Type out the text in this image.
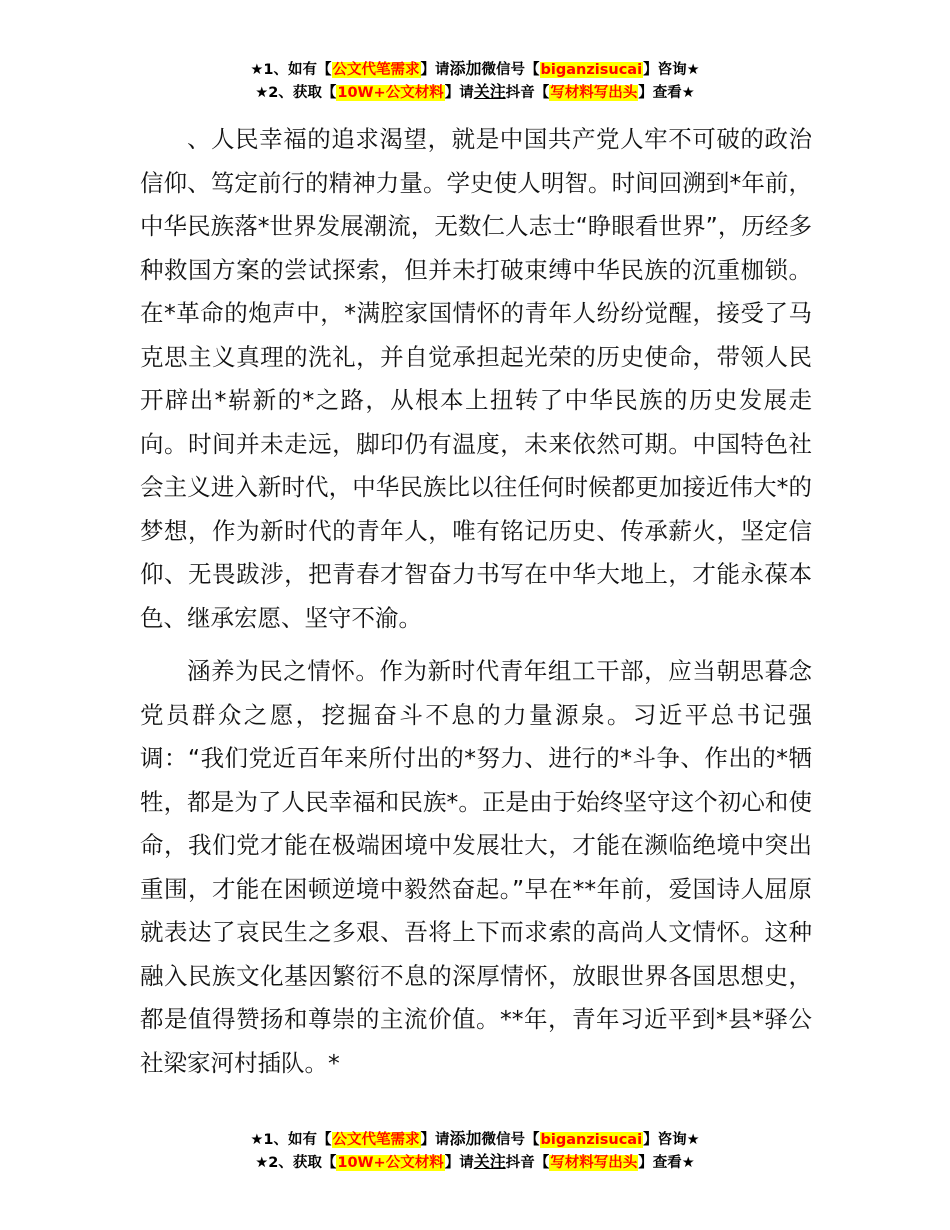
★1、如有【公文代笔需求】请添加微信号【biganzisucai】咨询★
★2、获取【10W+公文材料】请关注抖音【写材料写出头】查看★

、人民幸福的追求渴望，就是中国共产党人牢不可破的政治信仰、笃定前行的精神力量。学史使人明智。时间回溯到*年前，中华民族落*世界发展潮流，无数仁人志士“睁眼看世界”，历经多种救国方案的尝试探索，但并未打破束缚中华民族的沉重枷锁。在*革命的炮声中，*满腔家国情怀的青年人纷纷觉醒，接受了马克思主义真理的洗礼，并自觉承担起光荣的历史使命，带领人民开辟出*崭新的*之路，从根本上扭转了中华民族的历史发展走向。时间并未走远，脚印仍有温度，未来依然可期。中国特色社会主义进入新时代，中华民族比以往任何时候都更加接近伟大*的梦想，作为新时代的青年人，唯有铭记历史、传承薪火，坚定信仰、无畏跋涉，把青春才智奋力书写在中华大地上，才能永葆本色、继承宏愿、坚守不渝。

涵养为民之情怀。作为新时代青年组工干部，应当朝思暮念党员群众之愿，挖掘奋斗不息的力量源泉。习近平总书记强调：“我们党近百年来所付出的*努力、进行的*斗争、作出的*牺牲，都是为了人民幸福和民族*。正是由于始终坚守这个初心和使命，我们党才能在极端困境中发展壮大，才能在濒临绝境中突出重围，才能在困顿逆境中毅然奋起。”早在**年前，爱国诗人屈原就表达了哀民生之多艰、吾将上下而求索的高尚人文情怀。这种融入民族文化基因繁衍不息的深厚情怀，放眼世界各国思想史，都是值得赞扬和尊崇的主流价值。**年，青年习近平到*县*驿公社梁家河村插队。*

★1、如有【公文代笔需求】请添加微信号【biganzisucai】咨询★
★2、获取【10W+公文材料】请关注抖音【写材料写出头】查看★
